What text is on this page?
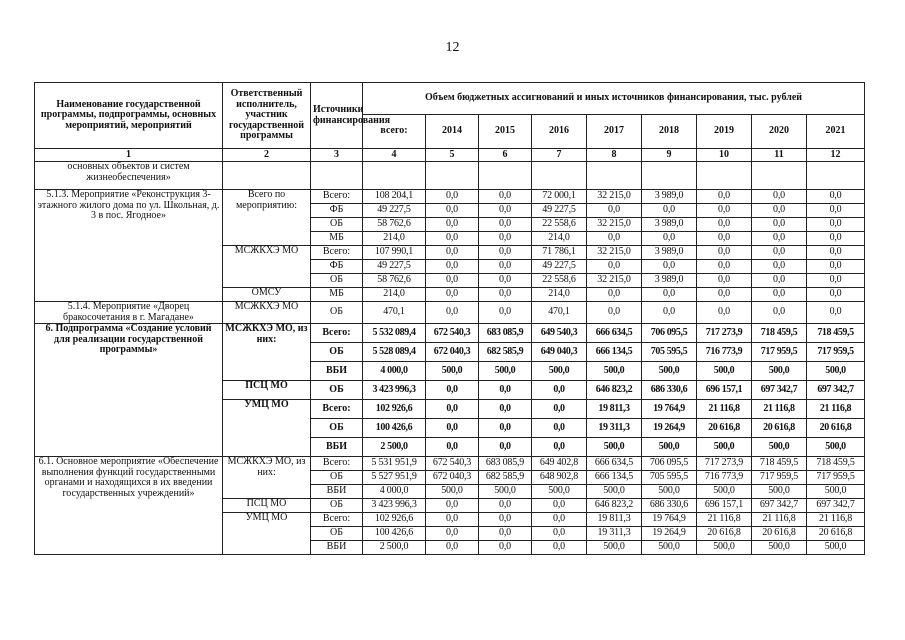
12
Наименование государственной программы, подпрограммы, основных мероприятий, мероприятий	Ответственный исполнитель, участник государственной программы	Источники финансирования	Объем бюджетных ассигнований и иных источников финансирования, тыс. рублей								
			всего:	2014	2015	2016	2017	2018	2019	2020	2021
1	2	3	4	5	6	7	8	9	10	11	12
основных объектов и систем жизнеобеспечения»											
5.1.3. Мероприятие «Реконструкция 3-этажного жилого дома по ул. Школьная, д. 3 в пос. Ягодное»	Всего по мероприятию:	Всего:	108 204,1	0,0	0,0	72 000,1	32 215,0	3 989,0	0,0	0,0	0,0
		ФБ	49 227,5	0,0	0,0	49 227,5	0,0	0,0	0,0	0,0	0,0
		ОБ	58 762,6	0,0	0,0	22 558,6	32 215,0	3 989,0	0,0	0,0	0,0
		МБ	214,0	0,0	0,0	214,0	0,0	0,0	0,0	0,0	0,0
	МСЖКХЭ МО	Всего:	107 990,1	0,0	0,0	71 786,1	32 215,0	3 989,0	0,0	0,0	0,0
		ФБ	49 227,5	0,0	0,0	49 227,5	0,0	0,0	0,0	0,0	0,0
		ОБ	58 762,6	0,0	0,0	22 558,6	32 215,0	3 989,0	0,0	0,0	0,0
	ОМСУ	МБ	214,0	0,0	0,0	214,0	0,0	0,0	0,0	0,0	0,0
5.1.4. Мероприятие «Дворец бракосочетания в г. Магадане»	МСЖКХЭ МО	ОБ	470,1	0,0	0,0	470,1	0,0	0,0	0,0	0,0	0,0
6. Подпрограмма «Создание условий для реализации государственной программы»	МСЖКХЭ МО, из них:	Всего:	5 532 089,4	672 540,3	683 085,9	649 540,3	666 634,5	706 095,5	717 273,9	718 459,5	718 459,5
		ОБ	5 528 089,4	672 040,3	682 585,9	649 040,3	666 134,5	705 595,5	716 773,9	717 959,5	717 959,5
		ВБИ	4 000,0	500,0	500,0	500,0	500,0	500,0	500,0	500,0	500,0
	ПСЦ МО	ОБ	3 423 996,3	0,0	0,0	0,0	646 823,2	686 330,6	696 157,1	697 342,7	697 342,7
	УМЦ МО	Всего:	102 926,6	0,0	0,0	0,0	19 811,3	19 764,9	21 116,8	21 116,8	21 116,8
		ОБ	100 426,6	0,0	0,0	0,0	19 311,3	19 264,9	20 616,8	20 616,8	20 616,8
		ВБИ	2 500,0	0,0	0,0	0,0	500,0	500,0	500,0	500,0	500,0
6.1. Основное мероприятие «Обеспечение выполнения функций государственными органами и находящихся в их введении государственных учреждений»	МСЖКХЭ МО, из них:	Всего:	5 531 951,9	672 540,3	683 085,9	649 402,8	666 634,5	706 095,5	717 273,9	718 459,5	718 459,5
		ОБ	5 527 951,9	672 040,3	682 585,9	648 902,8	666 134,5	705 595,5	716 773,9	717 959,5	717 959,5
		ВБИ	4 000,0	500,0	500,0	500,0	500,0	500,0	500,0	500,0	500,0
	ПСЦ МО	ОБ	3 423 996,3	0,0	0,0	0,0	646 823,2	686 330,6	696 157,1	697 342,7	697 342,7
	УМЦ МО	Всего:	102 926,6	0,0	0,0	0,0	19 811,3	19 764,9	21 116,8	21 116,8	21 116,8
		ОБ	100 426,6	0,0	0,0	0,0	19 311,3	19 264,9	20 616,8	20 616,8	20 616,8
		ВБИ	2 500,0	0,0	0,0	0,0	500,0	500,0	500,0	500,0	500,0
